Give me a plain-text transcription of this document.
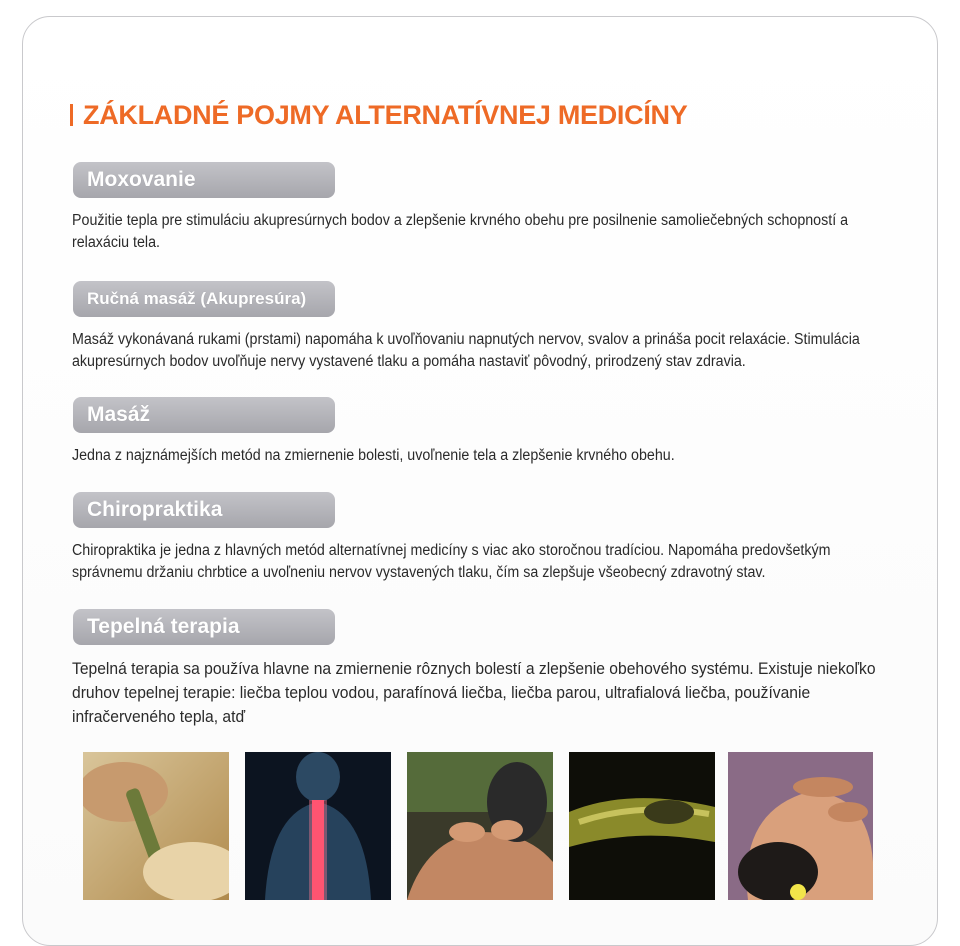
ZÁKLADNÉ POJMY ALTERNATÍVNEJ MEDICÍNY
Moxovanie

Použitie tepla pre stimuláciu akupresúrnych bodov a zlepšenie krvného obehu pre posilnenie samoliečebných schopností a relaxáciu tela.

Ručná masáž (Akupresúra)

Masáž vykonávaná rukami (prstami) napomáha k uvoľňovaniu napnutých nervov, svalov a prináša pocit relaxácie. Stimulácia akupresúrnych bodov uvoľňuje nervy vystavené tlaku a pomáha nastaviť pôvodný, prirodzený stav zdravia.

Masáž

Jedna z najznámejších metód na zmiernenie bolesti, uvoľnenie tela a zlepšenie krvného obehu.

Chiropraktika

Chiropraktika je jedna z hlavných metód alternatívnej medicíny s viac ako storočnou tradíciou. Napomáha predovšetkým správnemu držaniu chrbtice a uvoľneniu nervov vystavených tlaku, čím sa zlepšuje všeobecný zdravotný stav.

Tepelná terapia

Tepelná terapia sa používa hlavne na zmiernenie rôznych bolestí a zlepšenie obehového systému. Existuje niekoľko druhov tepelnej terapie: liečba teplou vodou, parafínová liečba, liečba parou, ultrafialová liečba, používanie infračerveného tepla, atď
